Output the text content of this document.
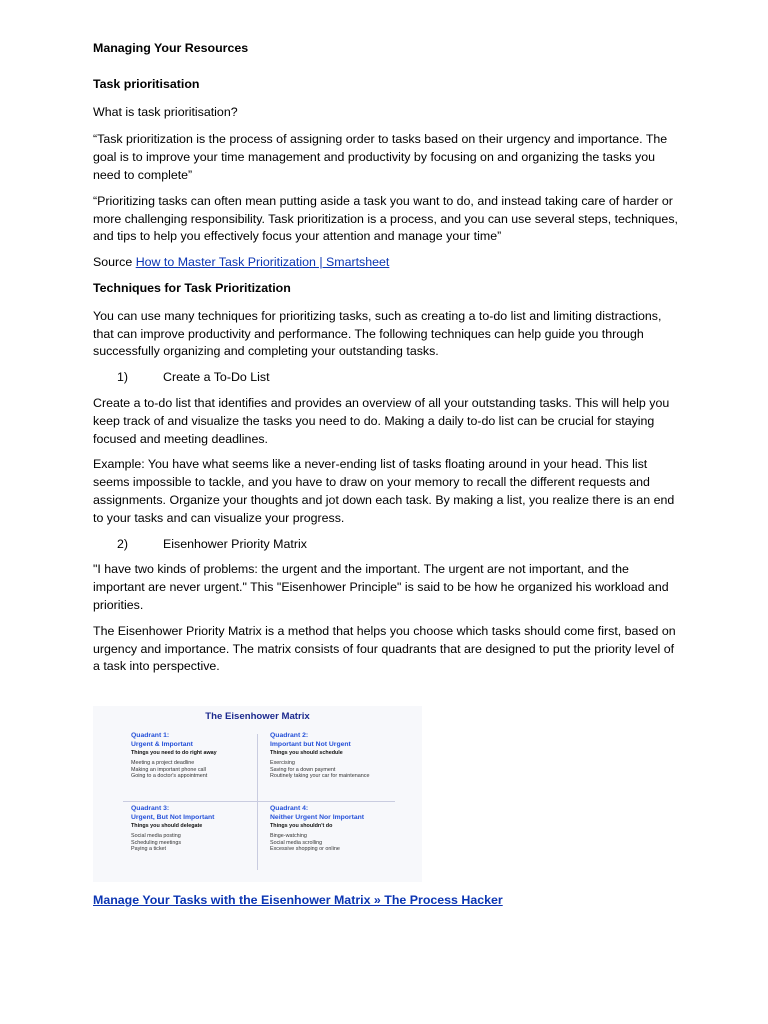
Managing Your Resources

Task prioritisation

What is task prioritisation?

“Task prioritization is the process of assigning order to tasks based on their urgency and importance. The goal is to improve your time management and productivity by focusing on and organizing the tasks you need to complete”

“Prioritizing tasks can often mean putting aside a task you want to do, and instead taking care of harder or more challenging responsibility. Task prioritization is a process, and you can use several steps, techniques, and tips to help you effectively focus your attention and manage your time”

Source How to Master Task Prioritization | Smartsheet

Techniques for Task Prioritization

You can use many techniques for prioritizing tasks, such as creating a to-do list and limiting distractions, that can improve productivity and performance. The following techniques can help guide you through successfully organizing and completing your outstanding tasks.

1)	Create a To-Do List

Create a to-do list that identifies and provides an overview of all your outstanding tasks. This will help you keep track of and visualize the tasks you need to do. Making a daily to-do list can be crucial for staying focused and meeting deadlines.

Example: You have what seems like a never-ending list of tasks floating around in your head. This list seems impossible to tackle, and you have to draw on your memory to recall the different requests and assignments. Organize your thoughts and jot down each task. By making a list, you realize there is an end to your tasks and can visualize your progress.

2)	Eisenhower Priority Matrix

"I have two kinds of problems: the urgent and the important. The urgent are not important, and the important are never urgent." This "Eisenhower Principle" is said to be how he organized his workload and priorities.

The Eisenhower Priority Matrix is a method that helps you choose which tasks should come first, based on urgency and importance. The matrix consists of four quadrants that are designed to put the priority level of a task into perspective.

The Eisenhower Matrix
Quadrant 1:
Urgent & Important
Things you need to do right away
Meeting a project deadline
Making an important phone call
Going to a doctor's appointment
Quadrant 2:
Important but Not Urgent
Things you should schedule
Exercising
Saving for a down payment
Routinely taking your car for maintenance
Quadrant 3:
Urgent, But Not Important
Things you should delegate
Social media posting
Scheduling meetings
Paying a ticket
Quadrant 4:
Neither Urgent Nor Important
Things you shouldn't do
Binge-watching
Social media scrolling
Excessive shopping or online
Manage Your Tasks with the Eisenhower Matrix » The Process Hacker
